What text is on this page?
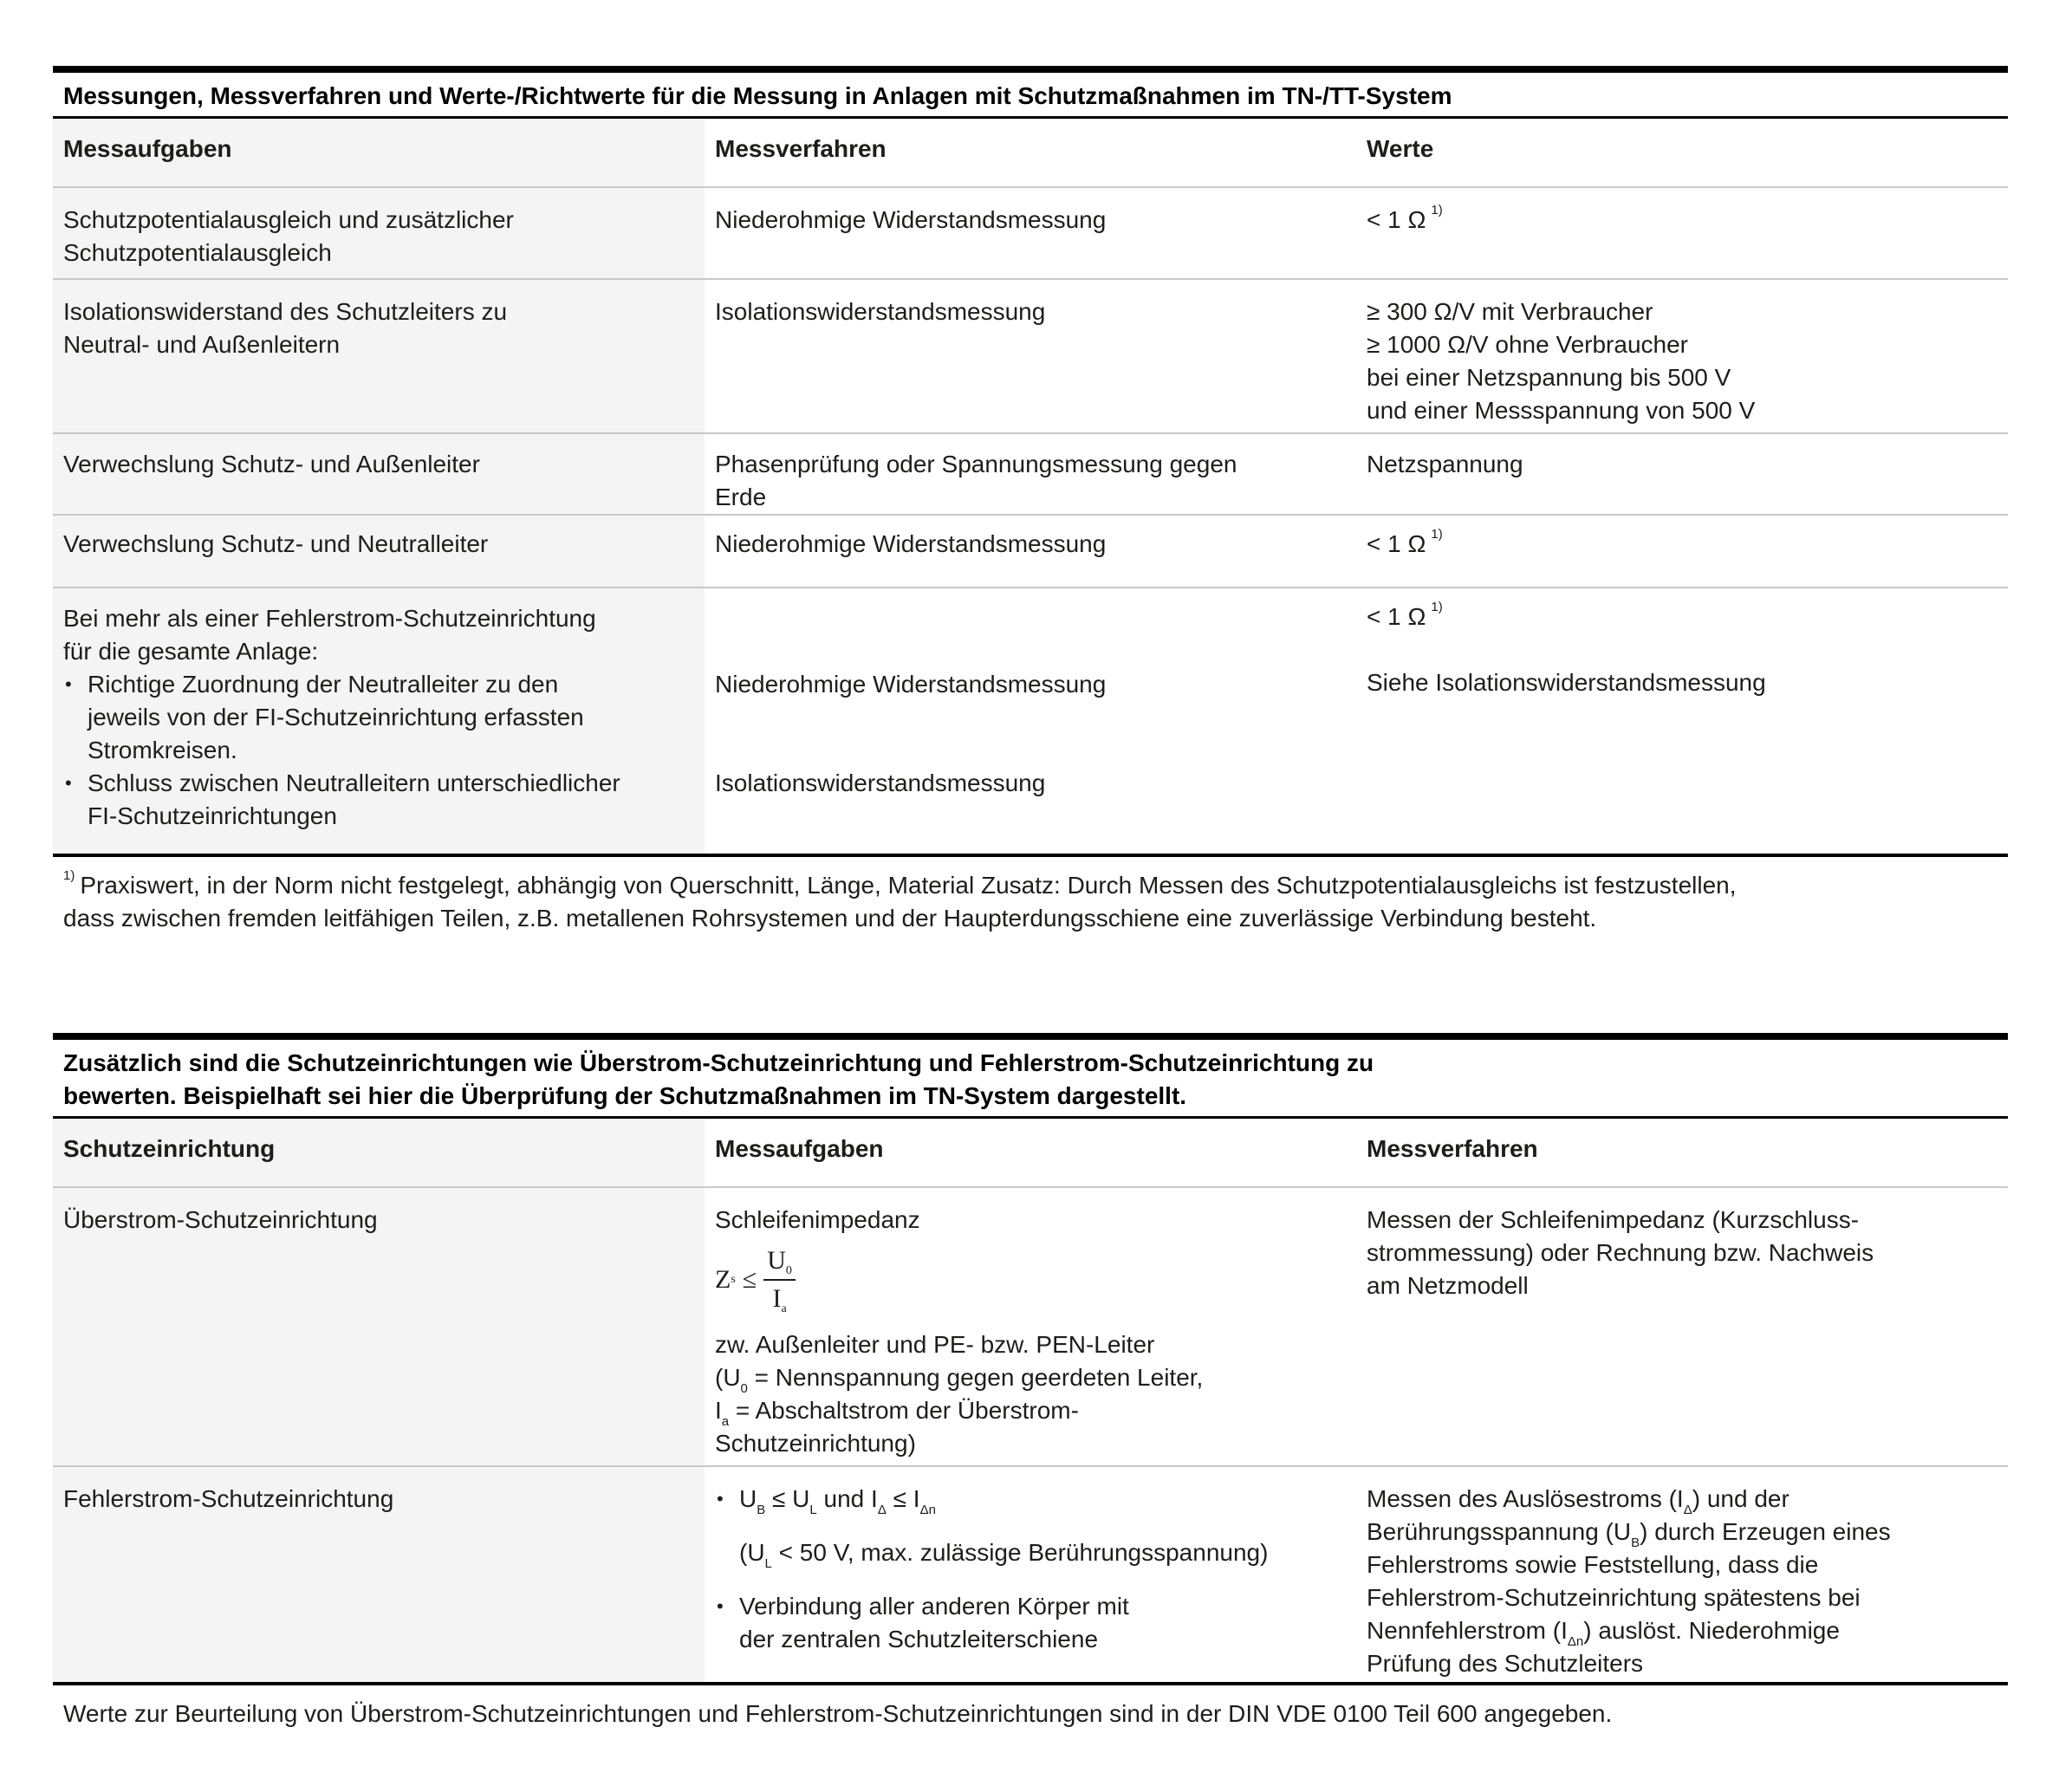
Messungen, Messverfahren und Werte-/Richtwerte für die Messung in Anlagen mit Schutzmaßnahmen im TN-/TT-System
Messaufgaben	Messverfahren	Werte
Schutzpotentialausgleich und zusätzlicher
Schutzpotentialausgleich
Niederohmige Widerstandsmessung	< 1 Ω $^{1)}$
Isolationswiderstand des Schutzleiters zu
Neutral- und Außenleitern
Isolationswiderstandsmessung	≥ 300 Ω/V mit Verbraucher
≥ 1000 Ω/V ohne Verbraucher
bei einer Netzspannung bis 500 V
und einer Messspannung von 500 V
Verwechslung Schutz- und Außenleiter	Phasenprüfung oder Spannungsmessung gegen
Erde
Netzspannung
Verwechslung Schutz- und Neutralleiter	Niederohmige Widerstandsmessung	< 1 Ω $^{1)}$
Bei mehr als einer Fehlerstrom-Schutzeinrichtung
für die gesamte Anlage:
• Richtige Zuordnung der Neutralleiter zu den
jeweils von der FI-Schutzeinrichtung erfassten
Stromkreisen.
• Schluss zwischen Neutralleitern unterschiedlicher
FI-Schutzeinrichtungen

Niederohmige Widerstandsmessung

Isolationswiderstandsmessung
< 1 Ω $^{1)}$

Siehe Isolationswiderstandsmessung
$^{1)}$ Praxiswert, in der Norm nicht festgelegt, abhängig von Querschnitt, Länge, Material Zusatz: Durch Messen des Schutzpotentialausgleichs ist festzustellen,
dass zwischen fremden leitfähigen Teilen, z.B. metallenen Rohrsystemen und der Haupterdungsschiene eine zuverlässige Verbindung besteht.
Zusätzlich sind die Schutzeinrichtungen wie Überstrom-Schutzeinrichtung und Fehlerstrom-Schutzeinrichtung zu
bewerten. Beispielhaft sei hier die Überprüfung der Schutzmaßnahmen im TN-System dargestellt.
Schutzeinrichtung	Messaufgaben	Messverfahren
Überstrom-Schutzeinrichtung	Schleifenimpedanz
Z $s \le \frac{U_0}{I_a}$
zw. Außenleiter und PE- bzw. PEN-Leiter
($U_0$ = Nennspannung gegen geerdeten Leiter,
$I_a$ = Abschaltstrom der Überstrom-
Schutzeinrichtung)
Messen der Schleifenimpedanz (Kurzschluss-
strommessung) oder Rechnung bzw. Nachweis
am Netzmodell
Fehlerstrom-Schutzeinrichtung
•	$U_B \le U_L$ und $I_\Delta \le I_{\Delta n}$
($U_L < 50$ V, max. zulässige Berührungsspannung)
• Verbindung aller anderen Körper mit
der zentralen Schutzleiterschiene
Messen des Auslösestroms $(I_\Delta)$ und der
Berührungsspannung $(U_B)$ durch Erzeugen eines
Fehlerstroms sowie Feststellung, dass die
Fehlerstrom-Schutzeinrichtung spätestens bei
Nennfehlerstrom $(I_{\Delta n})$ auslöst. Niederohmige
Prüfung des Schutzleiters
Werte zur Beurteilung von Überstrom-Schutzeinrichtungen und Fehlerstrom-Schutzeinrichtungen sind in der DIN VDE 0100 Teil 600 angegeben.
